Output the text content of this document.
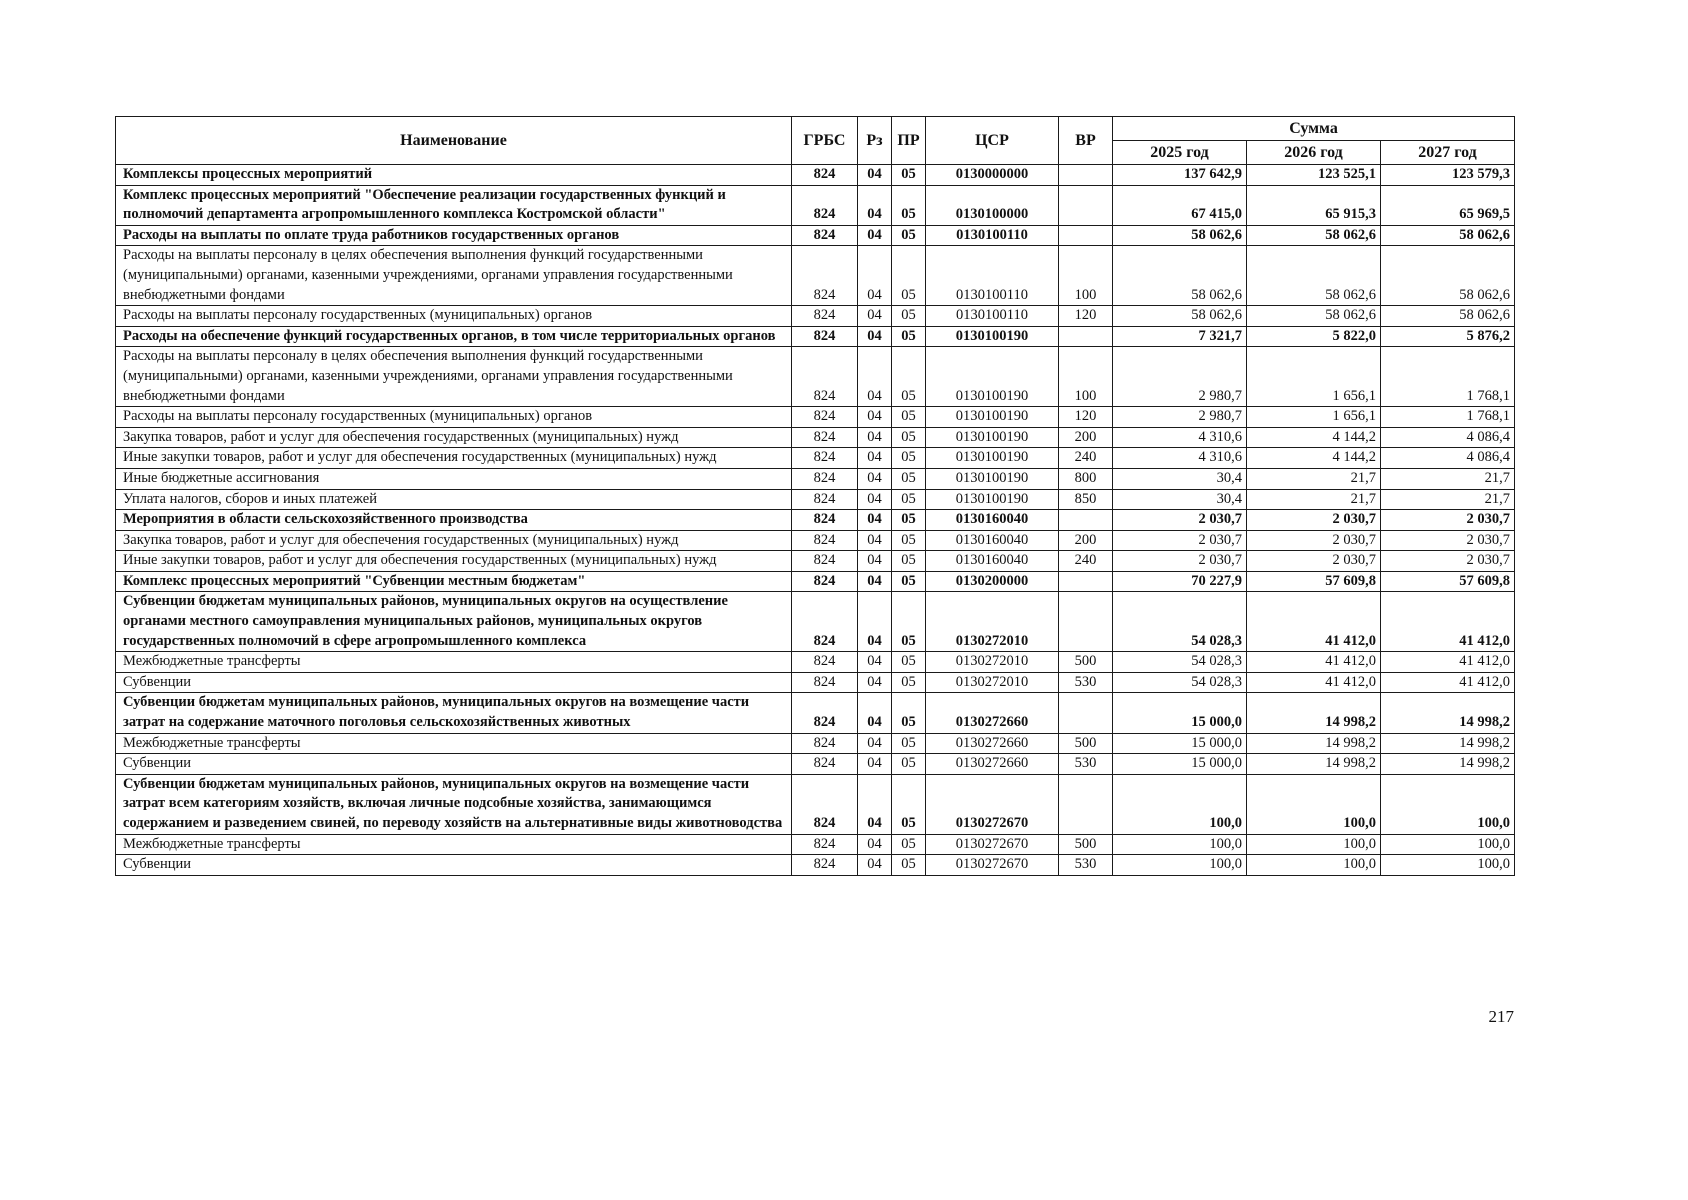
Наименование	ГРБС	Рз	ПР	ЦСР	ВР	Сумма		
						2025 год	2026 год	2027 год
Комплексы процессных мероприятий	824	04	05	0130000000		137 642,9	123 525,1	123 579,3
Комплекс процессных мероприятий "Обеспечение реализации государственных функций и полномочий департамента агропромышленного комплекса Костромской области"	824	04	05	0130100000		67 415,0	65 915,3	65 969,5
Расходы на выплаты по оплате труда работников государственных органов	824	04	05	0130100110		58 062,6	58 062,6	58 062,6
Расходы на выплаты персоналу в целях обеспечения выполнения функций государственными (муниципальными) органами, казенными учреждениями, органами управления государственными внебюджетными фондами	824	04	05	0130100110	100	58 062,6	58 062,6	58 062,6
Расходы на выплаты персоналу государственных (муниципальных) органов	824	04	05	0130100110	120	58 062,6	58 062,6	58 062,6
Расходы на обеспечение функций государственных органов, в том числе территориальных органов	824	04	05	0130100190		7 321,7	5 822,0	5 876,2
Расходы на выплаты персоналу в целях обеспечения выполнения функций государственными (муниципальными) органами, казенными учреждениями, органами управления государственными внебюджетными фондами	824	04	05	0130100190	100	2 980,7	1 656,1	1 768,1
Расходы на выплаты персоналу государственных (муниципальных) органов	824	04	05	0130100190	120	2 980,7	1 656,1	1 768,1
Закупка товаров, работ и услуг для обеспечения государственных (муниципальных) нужд	824	04	05	0130100190	200	4 310,6	4 144,2	4 086,4
Иные закупки товаров, работ и услуг для обеспечения государственных (муниципальных) нужд	824	04	05	0130100190	240	4 310,6	4 144,2	4 086,4
Иные бюджетные ассигнования	824	04	05	0130100190	800	30,4	21,7	21,7
Уплата налогов, сборов и иных платежей	824	04	05	0130100190	850	30,4	21,7	21,7
Мероприятия в области сельскохозяйственного производства	824	04	05	0130160040		2 030,7	2 030,7	2 030,7
Закупка товаров, работ и услуг для обеспечения государственных (муниципальных) нужд	824	04	05	0130160040	200	2 030,7	2 030,7	2 030,7
Иные закупки товаров, работ и услуг для обеспечения государственных (муниципальных) нужд	824	04	05	0130160040	240	2 030,7	2 030,7	2 030,7
Комплекс процессных мероприятий "Субвенции местным бюджетам"	824	04	05	0130200000		70 227,9	57 609,8	57 609,8
Субвенции бюджетам муниципальных районов, муниципальных округов на осуществление органами местного самоуправления муниципальных районов, муниципальных округов государственных полномочий в сфере агропромышленного комплекса	824	04	05	0130272010		54 028,3	41 412,0	41 412,0
Межбюджетные трансферты	824	04	05	0130272010	500	54 028,3	41 412,0	41 412,0
Субвенции	824	04	05	0130272010	530	54 028,3	41 412,0	41 412,0
Субвенции бюджетам муниципальных районов, муниципальных округов на возмещение части затрат на содержание маточного поголовья сельскохозяйственных животных	824	04	05	0130272660		15 000,0	14 998,2	14 998,2
Межбюджетные трансферты	824	04	05	0130272660	500	15 000,0	14 998,2	14 998,2
Субвенции	824	04	05	0130272660	530	15 000,0	14 998,2	14 998,2
Субвенции бюджетам муниципальных районов, муниципальных округов на возмещение части затрат всем категориям хозяйств, включая личные подсобные хозяйства, занимающимся содержанием и разведением свиней, по переводу хозяйств на альтернативные виды животноводства	824	04	05	0130272670		100,0	100,0	100,0
Межбюджетные трансферты	824	04	05	0130272670	500	100,0	100,0	100,0
Субвенции	824	04	05	0130272670	530	100,0	100,0	100,0
217
